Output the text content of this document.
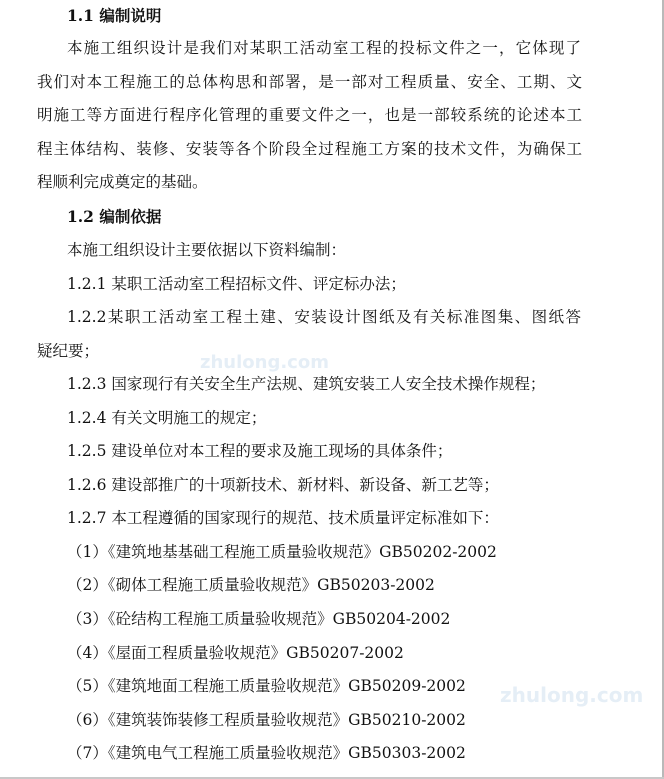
zhulong.com
zhulong.com
1.1 编制说明
本施工组织设计是我们对某职工活动室工程的投标文件之一，它体现了
我们对本工程施工的总体构思和部署，是一部对工程质量、安全、工期、文
明施工等方面进行程序化管理的重要文件之一，也是一部较系统的论述本工
程主体结构、装修、安装等各个阶段全过程施工方案的技术文件，为确保工
程顺利完成奠定的基础。
1.2 编制依据
本施工组织设计主要依据以下资料编制：
1.2.1 某职工活动室工程招标文件、评定标办法；
1.2.2某职工活动室工程土建、安装设计图纸及有关标准图集、图纸答
疑纪要；
1.2.3 国家现行有关安全生产法规、建筑安装工人安全技术操作规程；
1.2.4 有关文明施工的规定；
1.2.5 建设单位对本工程的要求及施工现场的具体条件；
1.2.6 建设部推广的十项新技术、新材料、新设备、新工艺等；
1.2.7 本工程遵循的国家现行的规范、技术质量评定标准如下：
（1）《建筑地基基础工程施工质量验收规范》GB50202-2002
（2）《砌体工程施工质量验收规范》GB50203-2002
（3）《砼结构工程施工质量验收规范》GB50204-2002
（4）《屋面工程质量验收规范》GB50207-2002
（5）《建筑地面工程施工质量验收规范》GB50209-2002
（6）《建筑装饰装修工程质量验收规范》GB50210-2002
（7）《建筑电气工程施工质量验收规范》GB50303-2002
